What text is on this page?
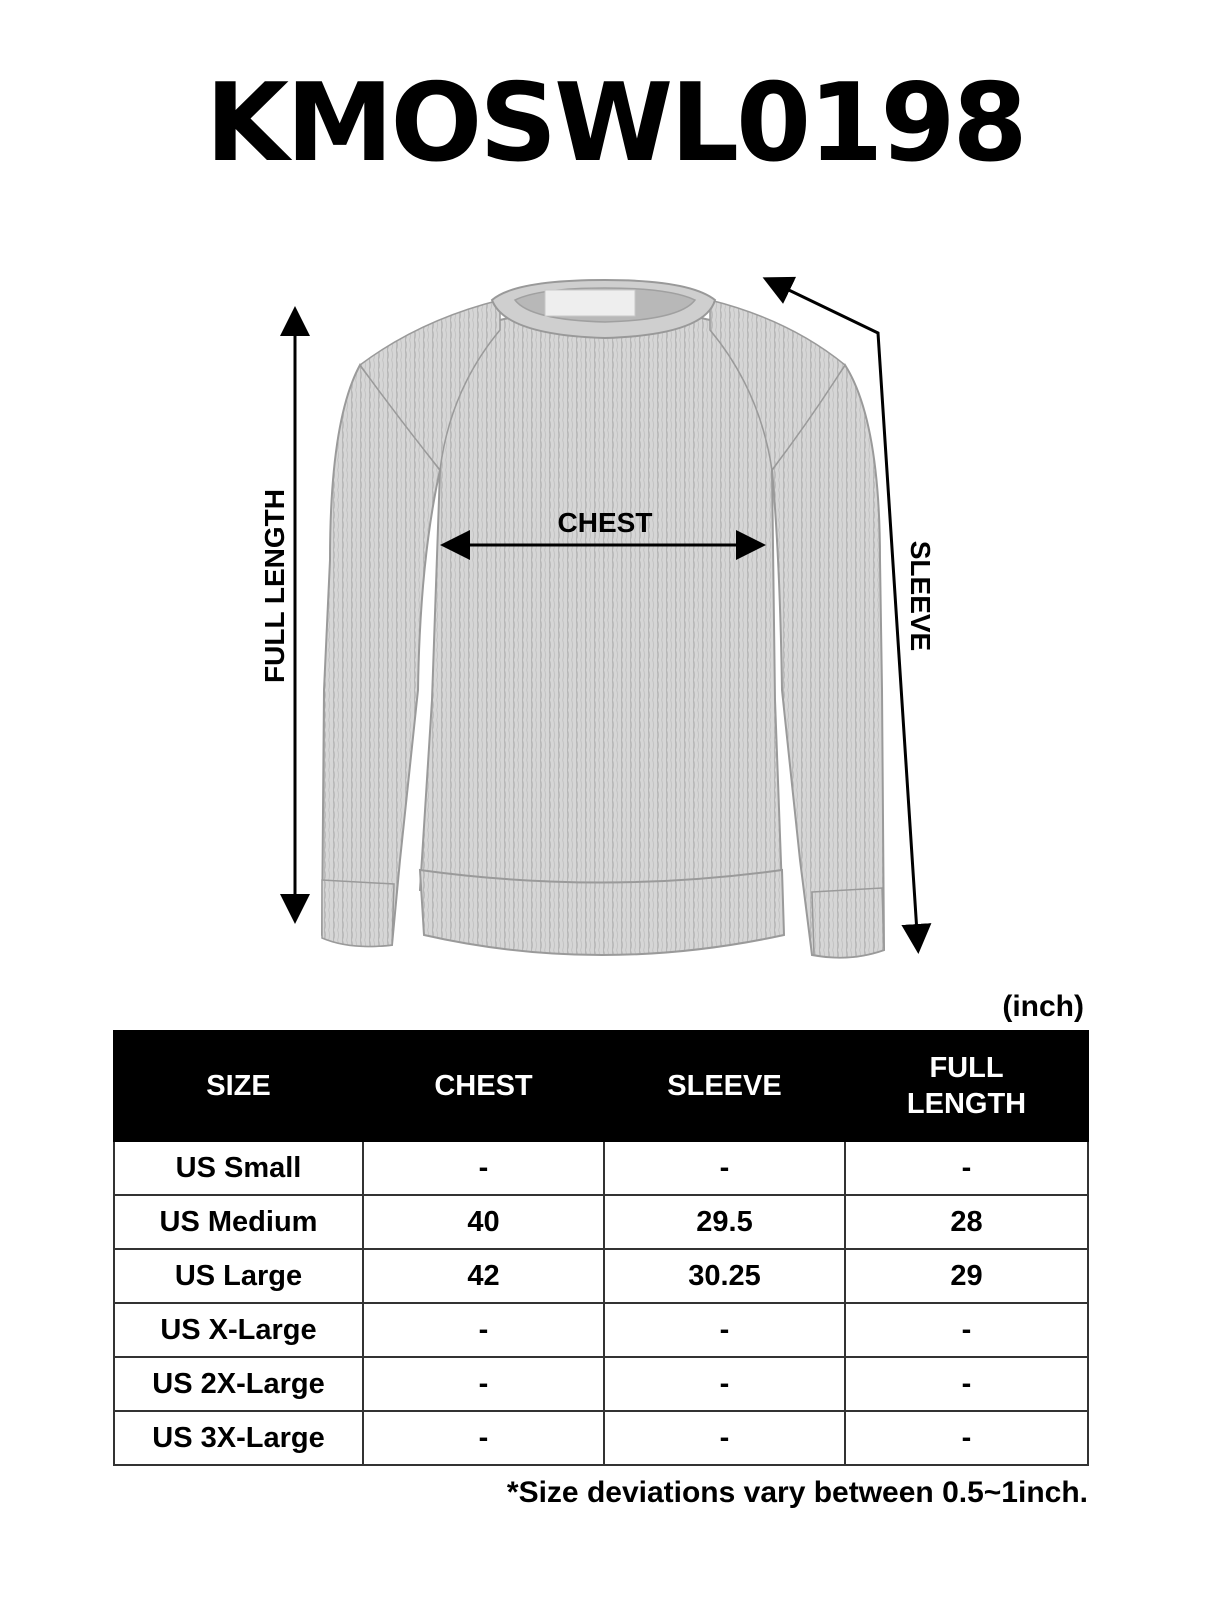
KMOSWL0198
CHEST
FULL LENGTH	SLEEVE
(inch)
SIZE	CHEST	SLEEVE	FULL
LENGTH

US Small	-	-	-
US Medium	40	29.5	28
US Large	42	30.25	29
US X-Large	-	-	-
US 2X-Large	-	-	-
US 3X-Large	-	-	-
*Size deviations vary between 0.5~1inch.
